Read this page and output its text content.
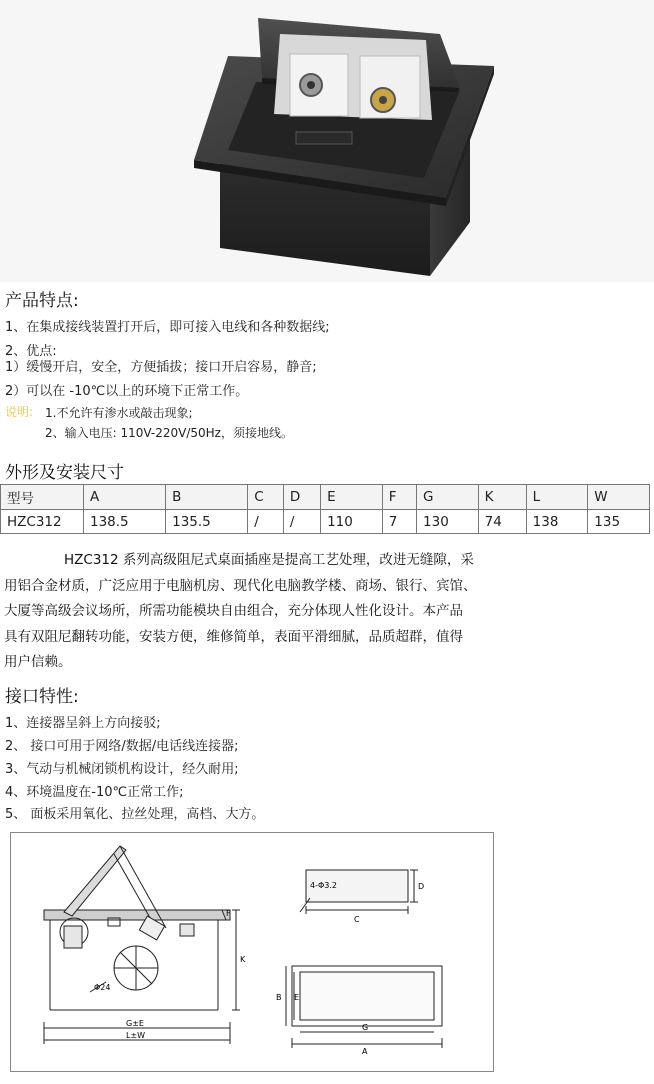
产品特点:
1、在集成接线装置打开后，即可接入电线和各种数据线;
2、优点:
1）缓慢开启，安全，方便插拔；接口开启容易，静音;
2）可以在 -10℃以上的环境下正常工作。
说明: 1.不允许有渗水或敲击现象;
2、输入电压: 110V-220V/50Hz，须接地线。
外形及安装尺寸
型号	A	B	C	D	E	F	G	K	L	W
HZC312	138.5	135.5	/	/	110	7	130	74	138	135
HZC312 系列高级阻尼式桌面插座是提高工艺处理，改进无缝隙，采
用铝合金材质，广泛应用于电脑机房、现代化电脑教学楼、商场、银行、宾馆、
大厦等高级会议场所，所需功能模块自由组合，充分体现人性化设计。本产品
具有双阻尼翻转功能，安装方便，维修简单，表面平滑细腻，品质超群，值得
用户信赖。
接口特性:
1、连接器呈斜上方向接驳;
2、 接口可用于网络/数据/电话线连接器;
3、气动与机械闭锁机构设计，经久耐用;
4、环境温度在-10℃正常工作;
5、 面板采用氧化、拉丝处理，高档、大方。
F
K
Φ24
G±E
L±W
4-Φ3.2
C
D
B E
G
A
